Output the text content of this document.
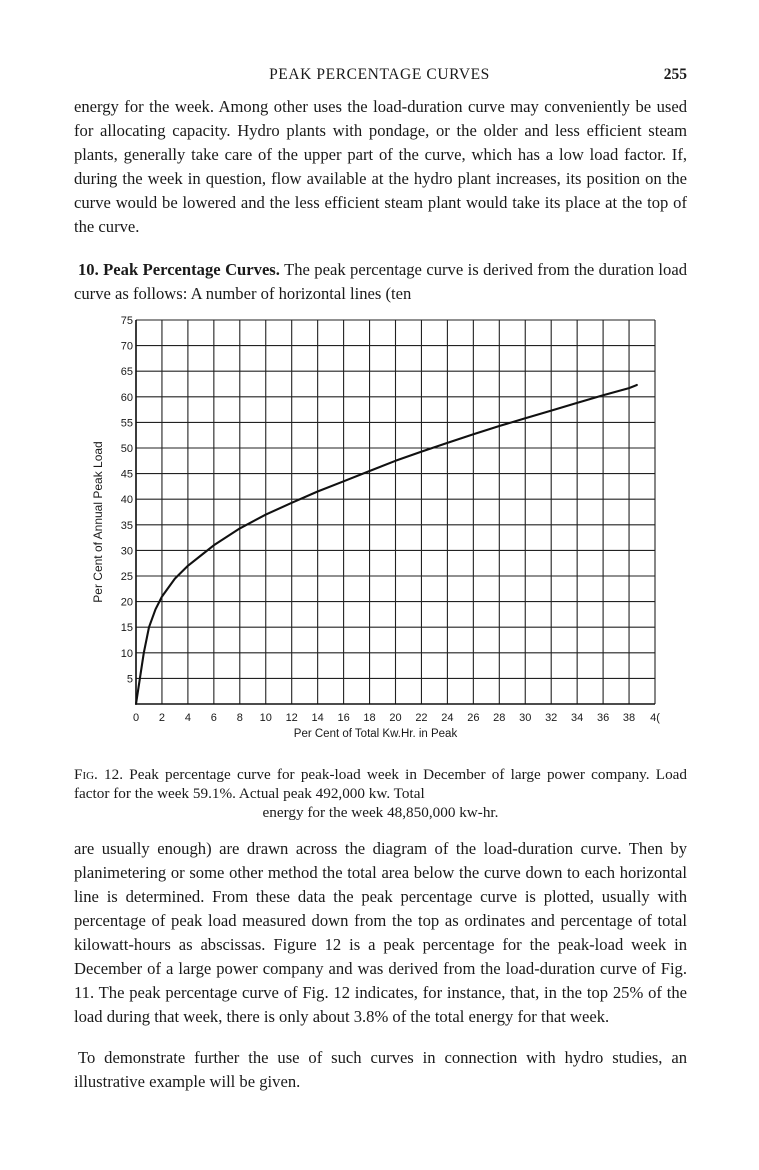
PEAK PERCENTAGE CURVES	255

energy for the week. Among other uses the load-duration curve may conveniently be used for allocating capacity. Hydro plants with pondage, or the older and less efficient steam plants, generally take care of the upper part of the curve, which has a low load factor. If, during the week in question, flow available at the hydro plant increases, its position on the curve would be lowered and the less efficient steam plant would take its place at the top of the curve.

10. Peak Percentage Curves. The peak percentage curve is derived from the duration load curve as follows: A number of horizontal lines (ten

0 2 4 6 8 10 12 14 16 18 20 22 24 26 28 30 32 34 36 38 4(
5
10
15
20
25
30
35
40
45
50
55
60
65
70
75
Per Cent of Total Kw.Hr. in Peak
Per Cent of Annual Peak Load
Fig. 12. Peak percentage curve for peak-load week in December of large power company. Load factor for the week 59.1%. Actual peak 492,000 kw. Total
energy for the week 48,850,000 kw-hr.

are usually enough) are drawn across the diagram of the load-duration curve. Then by planimetering or some other method the total area below the curve down to each horizontal line is determined. From these data the peak percentage curve is plotted, usually with percentage of peak load measured down from the top as ordinates and percentage of total kilowatt-hours as abscissas. Figure 12 is a peak percentage for the peak-load week in December of a large power company and was derived from the load-duration curve of Fig. 11. The peak percentage curve of Fig. 12 indicates, for instance, that, in the top 25% of the load during that week, there is only about 3.8% of the total energy for that week.

To demonstrate further the use of such curves in connection with hydro studies, an illustrative example will be given.
